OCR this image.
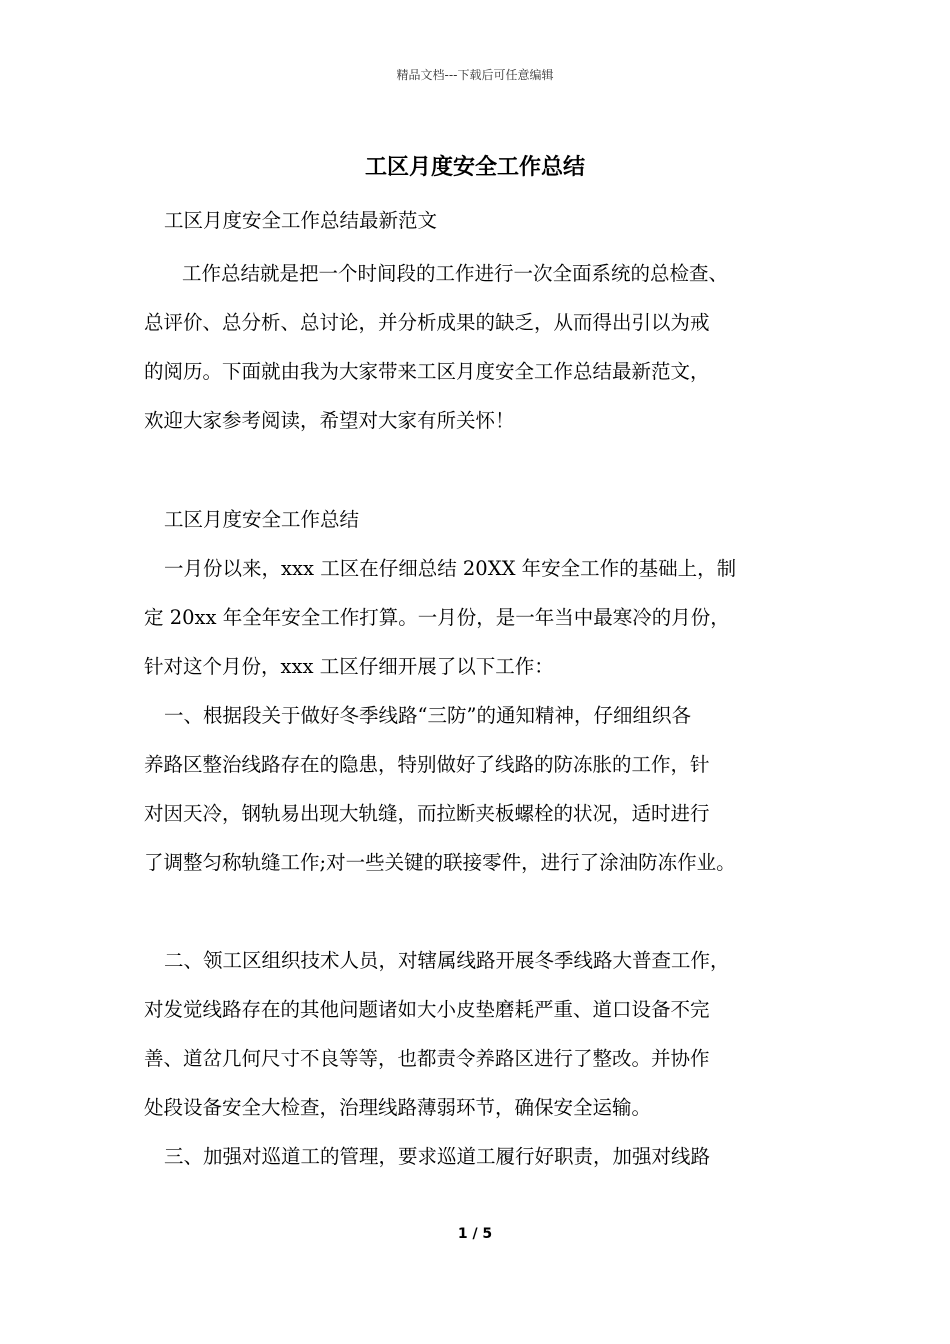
精品文档---下载后可任意编辑
工区月度安全工作总结
工区月度安全工作总结最新范文
工作总结就是把一个时间段的工作进行一次全面系统的总检查、
总评价、总分析、总讨论，并分析成果的缺乏，从而得出引以为戒
的阅历。下面就由我为大家带来工区月度安全工作总结最新范文，
欢迎大家参考阅读，希望对大家有所关怀！
工区月度安全工作总结
一月份以来，xxx 工区在仔细总结 20XX 年安全工作的基础上，制
定 20xx 年全年安全工作打算。一月份，是一年当中最寒冷的月份，
针对这个月份，xxx 工区仔细开展了以下工作：
一、根据段关于做好冬季线路“三防”的通知精神，仔细组织各
养路区整治线路存在的隐患，特别做好了线路的防冻胀的工作，针
对因天冷，钢轨易出现大轨缝，而拉断夹板螺栓的状况，适时进行
了调整匀称轨缝工作;对一些关键的联接零件，进行了涂油防冻作业。
二、领工区组织技术人员，对辖属线路开展冬季线路大普查工作，
对发觉线路存在的其他问题诸如大小皮垫磨耗严重、道口设备不完
善、道岔几何尺寸不良等等，也都责令养路区进行了整改。并协作
处段设备安全大检查，治理线路薄弱环节，确保安全运输。
三、加强对巡道工的管理，要求巡道工履行好职责，加强对线路
1 / 5
